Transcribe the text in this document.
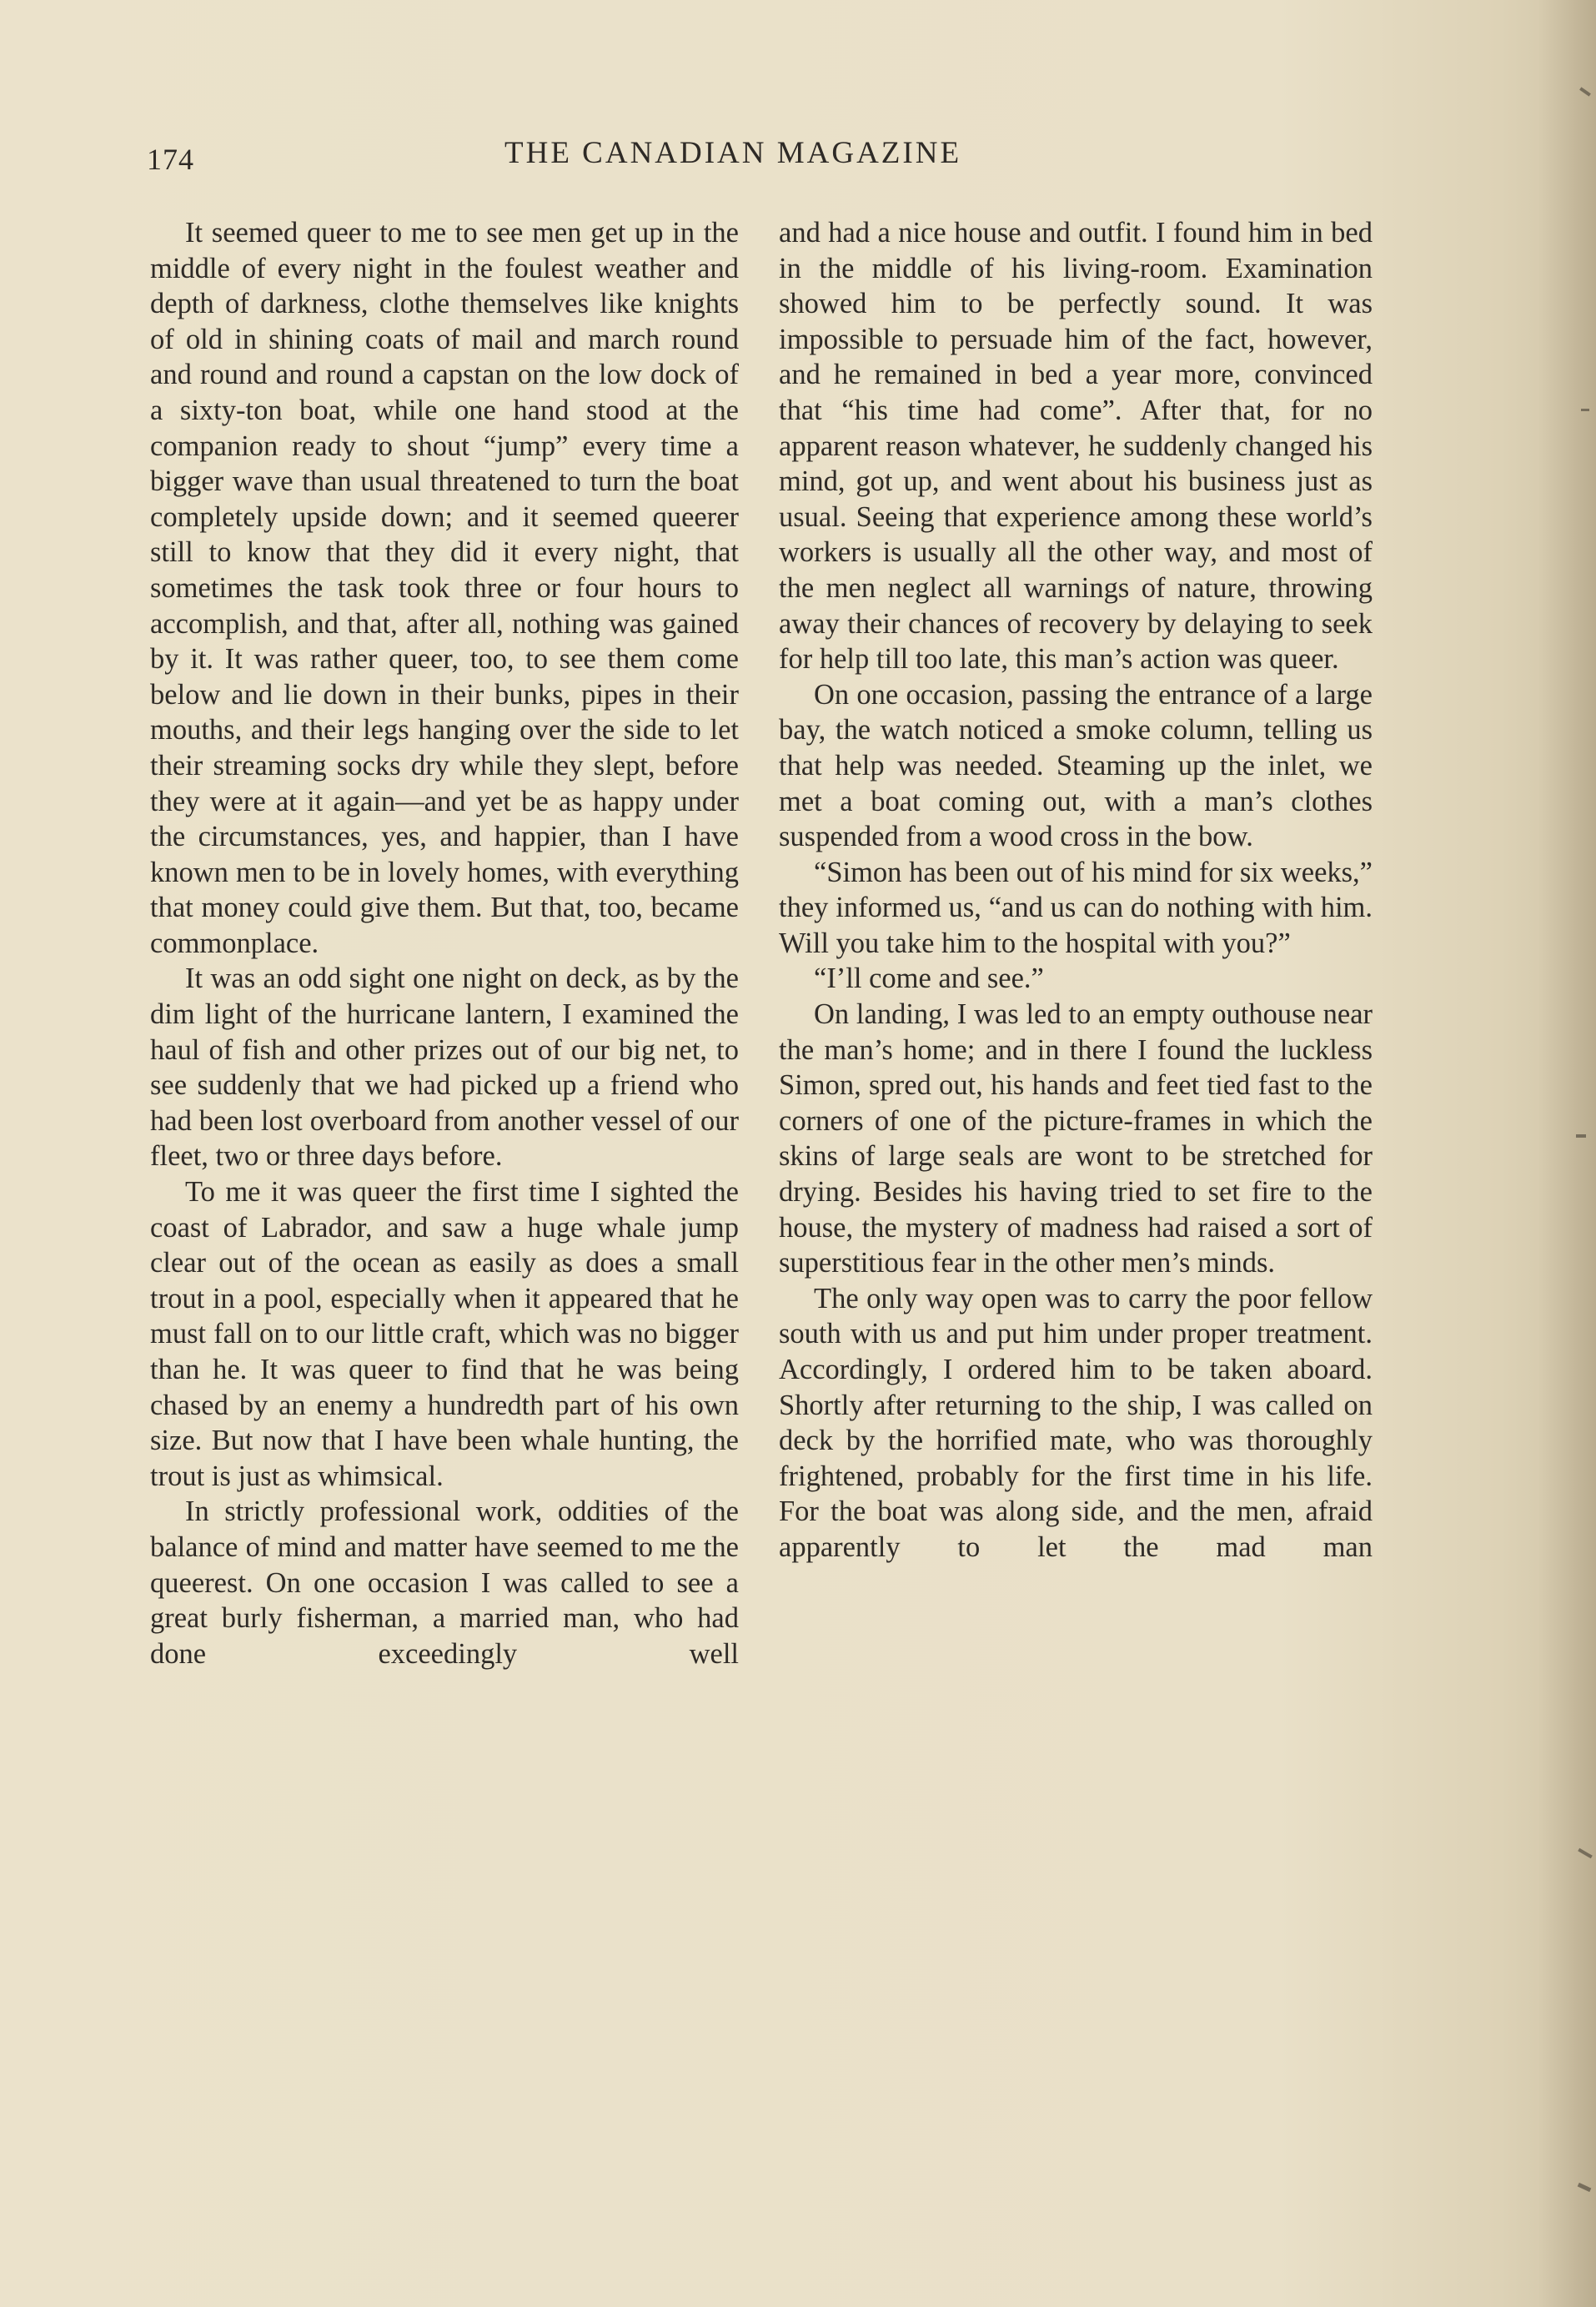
174	THE CANADIAN MAGAZINE

It seemed queer to me to see men get up in the middle of every night in the foulest weather and depth of darkness, clothe themselves like knights of old in shining coats of mail and march round and round and round a capstan on the low dock of a sixty-ton boat, while one hand stood at the companion ready to shout “jump” every time a bigger wave than usual threatened to turn the boat completely upside down; and it seemed queerer still to know that they did it every night, that sometimes the task took three or four hours to accomplish, and that, after all, nothing was gained by it. It was rather queer, too, to see them come below and lie down in their bunks, pipes in their mouths, and their legs hanging over the side to let their streaming socks dry while they slept, before they were at it again—and yet be as happy under the circumstances, yes, and happier, than I have known men to be in lovely homes, with everything that money could give them. But that, too, became commonplace.

It was an odd sight one night on deck, as by the dim light of the hurricane lantern, I examined the haul of fish and other prizes out of our big net, to see suddenly that we had picked up a friend who had been lost overboard from another vessel of our fleet, two or three days before.

To me it was queer the first time I sighted the coast of Labrador, and saw a huge whale jump clear out of the ocean as easily as does a small trout in a pool, especially when it appeared that he must fall on to our little craft, which was no bigger than he. It was queer to find that he was being chased by an enemy a hundredth part of his own size. But now that I have been whale hunting, the trout is just as whimsical.

In strictly professional work, oddities of the balance of mind and matter have seemed to me the queerest. On one occasion I was called to see a great burly fisherman, a married man, who had done exceedingly well

and had a nice house and outfit. I found him in bed in the middle of his living-room. Examination showed him to be perfectly sound. It was impossible to persuade him of the fact, however, and he remained in bed a year more, convinced that “his time had come”. After that, for no apparent reason whatever, he suddenly changed his mind, got up, and went about his business just as usual. Seeing that experience among these world’s workers is usually all the other way, and most of the men neglect all warnings of nature, throwing away their chances of recovery by delaying to seek for help till too late, this man’s action was queer.

On one occasion, passing the entrance of a large bay, the watch noticed a smoke column, telling us that help was needed. Steaming up the inlet, we met a boat coming out, with a man’s clothes suspended from a wood cross in the bow.

“Simon has been out of his mind for six weeks,” they informed us, “and us can do nothing with him. Will you take him to the hospital with you?”

“I’ll come and see.”

On landing, I was led to an empty outhouse near the man’s home; and in there I found the luckless Simon, spred out, his hands and feet tied fast to the corners of one of the picture-frames in which the skins of large seals are wont to be stretched for drying. Besides his having tried to set fire to the house, the mystery of madness had raised a sort of superstitious fear in the other men’s minds.

The only way open was to carry the poor fellow south with us and put him under proper treatment. Accordingly, I ordered him to be taken aboard. Shortly after returning to the ship, I was called on deck by the horrified mate, who was thoroughly frightened, probably for the first time in his life. For the boat was along side, and the men, afraid apparently to let the mad man
